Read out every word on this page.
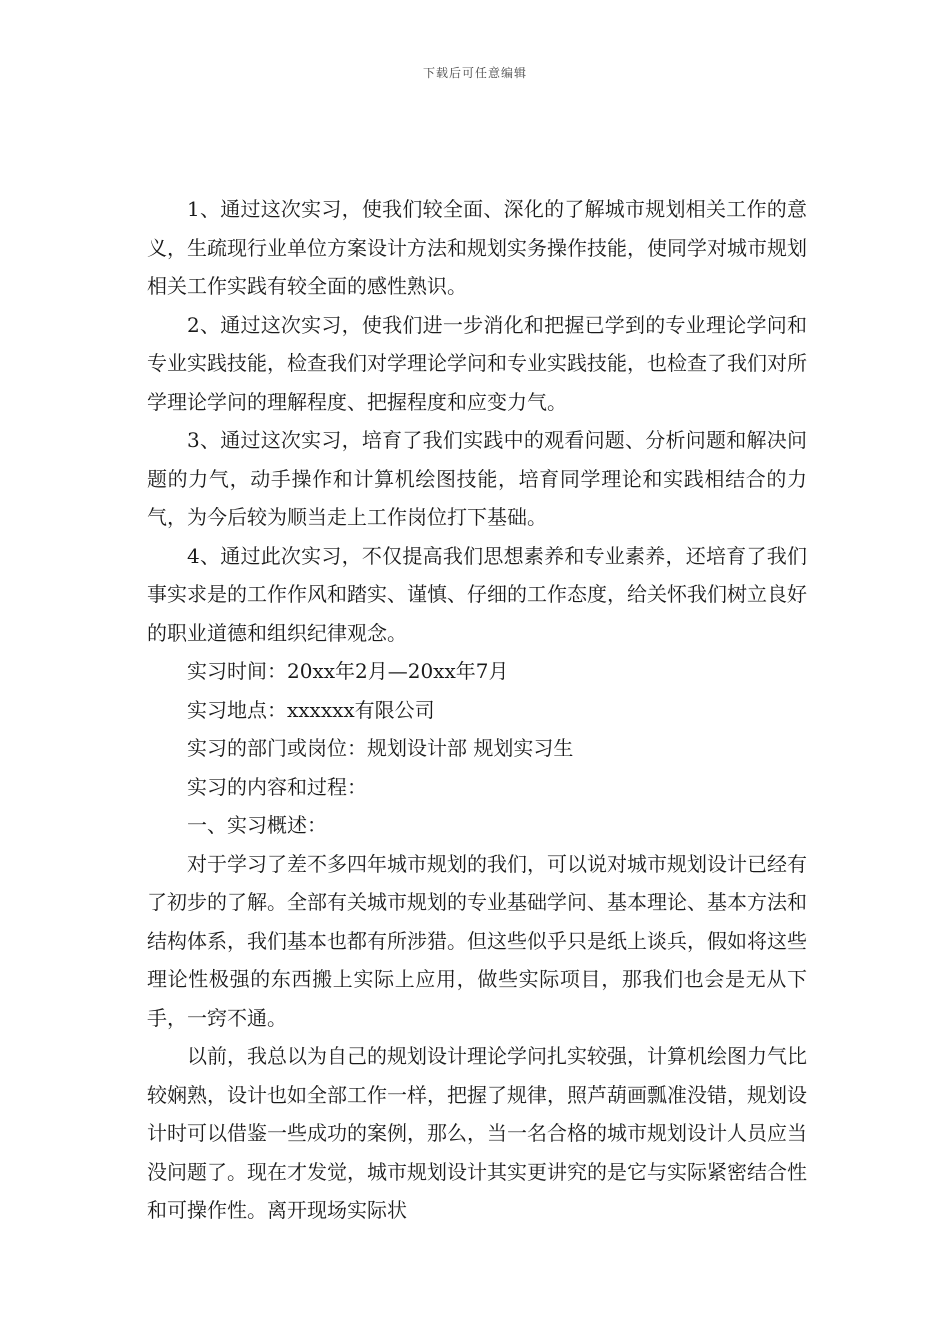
下载后可任意编辑

1、通过这次实习，使我们较全面、深化的了解城市规划相关工作的意义，生疏现行业单位方案设计方法和规划实务操作技能，使同学对城市规划相关工作实践有较全面的感性熟识。

2、通过这次实习，使我们进一步消化和把握已学到的专业理论学问和专业实践技能，检查我们对学理论学问和专业实践技能，也检查了我们对所学理论学问的理解程度、把握程度和应变力气。

3、通过这次实习，培育了我们实践中的观看问题、分析问题和解决问题的力气，动手操作和计算机绘图技能，培育同学理论和实践相结合的力气，为今后较为顺当走上工作岗位打下基础。

4、通过此次实习，不仅提高我们思想素养和专业素养，还培育了我们事实求是的工作作风和踏实、谨慎、仔细的工作态度，给关怀我们树立良好的职业道德和组织纪律观念。

实习时间：20xx年2月—20xx年7月

实习地点：xxxxxx有限公司

实习的部门或岗位：规划设计部 规划实习生

实习的内容和过程：

一、实习概述：

对于学习了差不多四年城市规划的我们，可以说对城市规划设计已经有了初步的了解。全部有关城市规划的专业基础学问、基本理论、基本方法和结构体系，我们基本也都有所涉猎。但这些似乎只是纸上谈兵，假如将这些理论性极强的东西搬上实际上应用，做些实际项目，那我们也会是无从下手，一窍不通。

以前，我总以为自己的规划设计理论学问扎实较强，计算机绘图力气比较娴熟，设计也如全部工作一样，把握了规律，照芦葫画瓢准没错，规划设计时可以借鉴一些成功的案例，那么，当一名合格的城市规划设计人员应当没问题了。现在才发觉，城市规划设计其实更讲究的是它与实际紧密结合性和可操作性。离开现场实际状
